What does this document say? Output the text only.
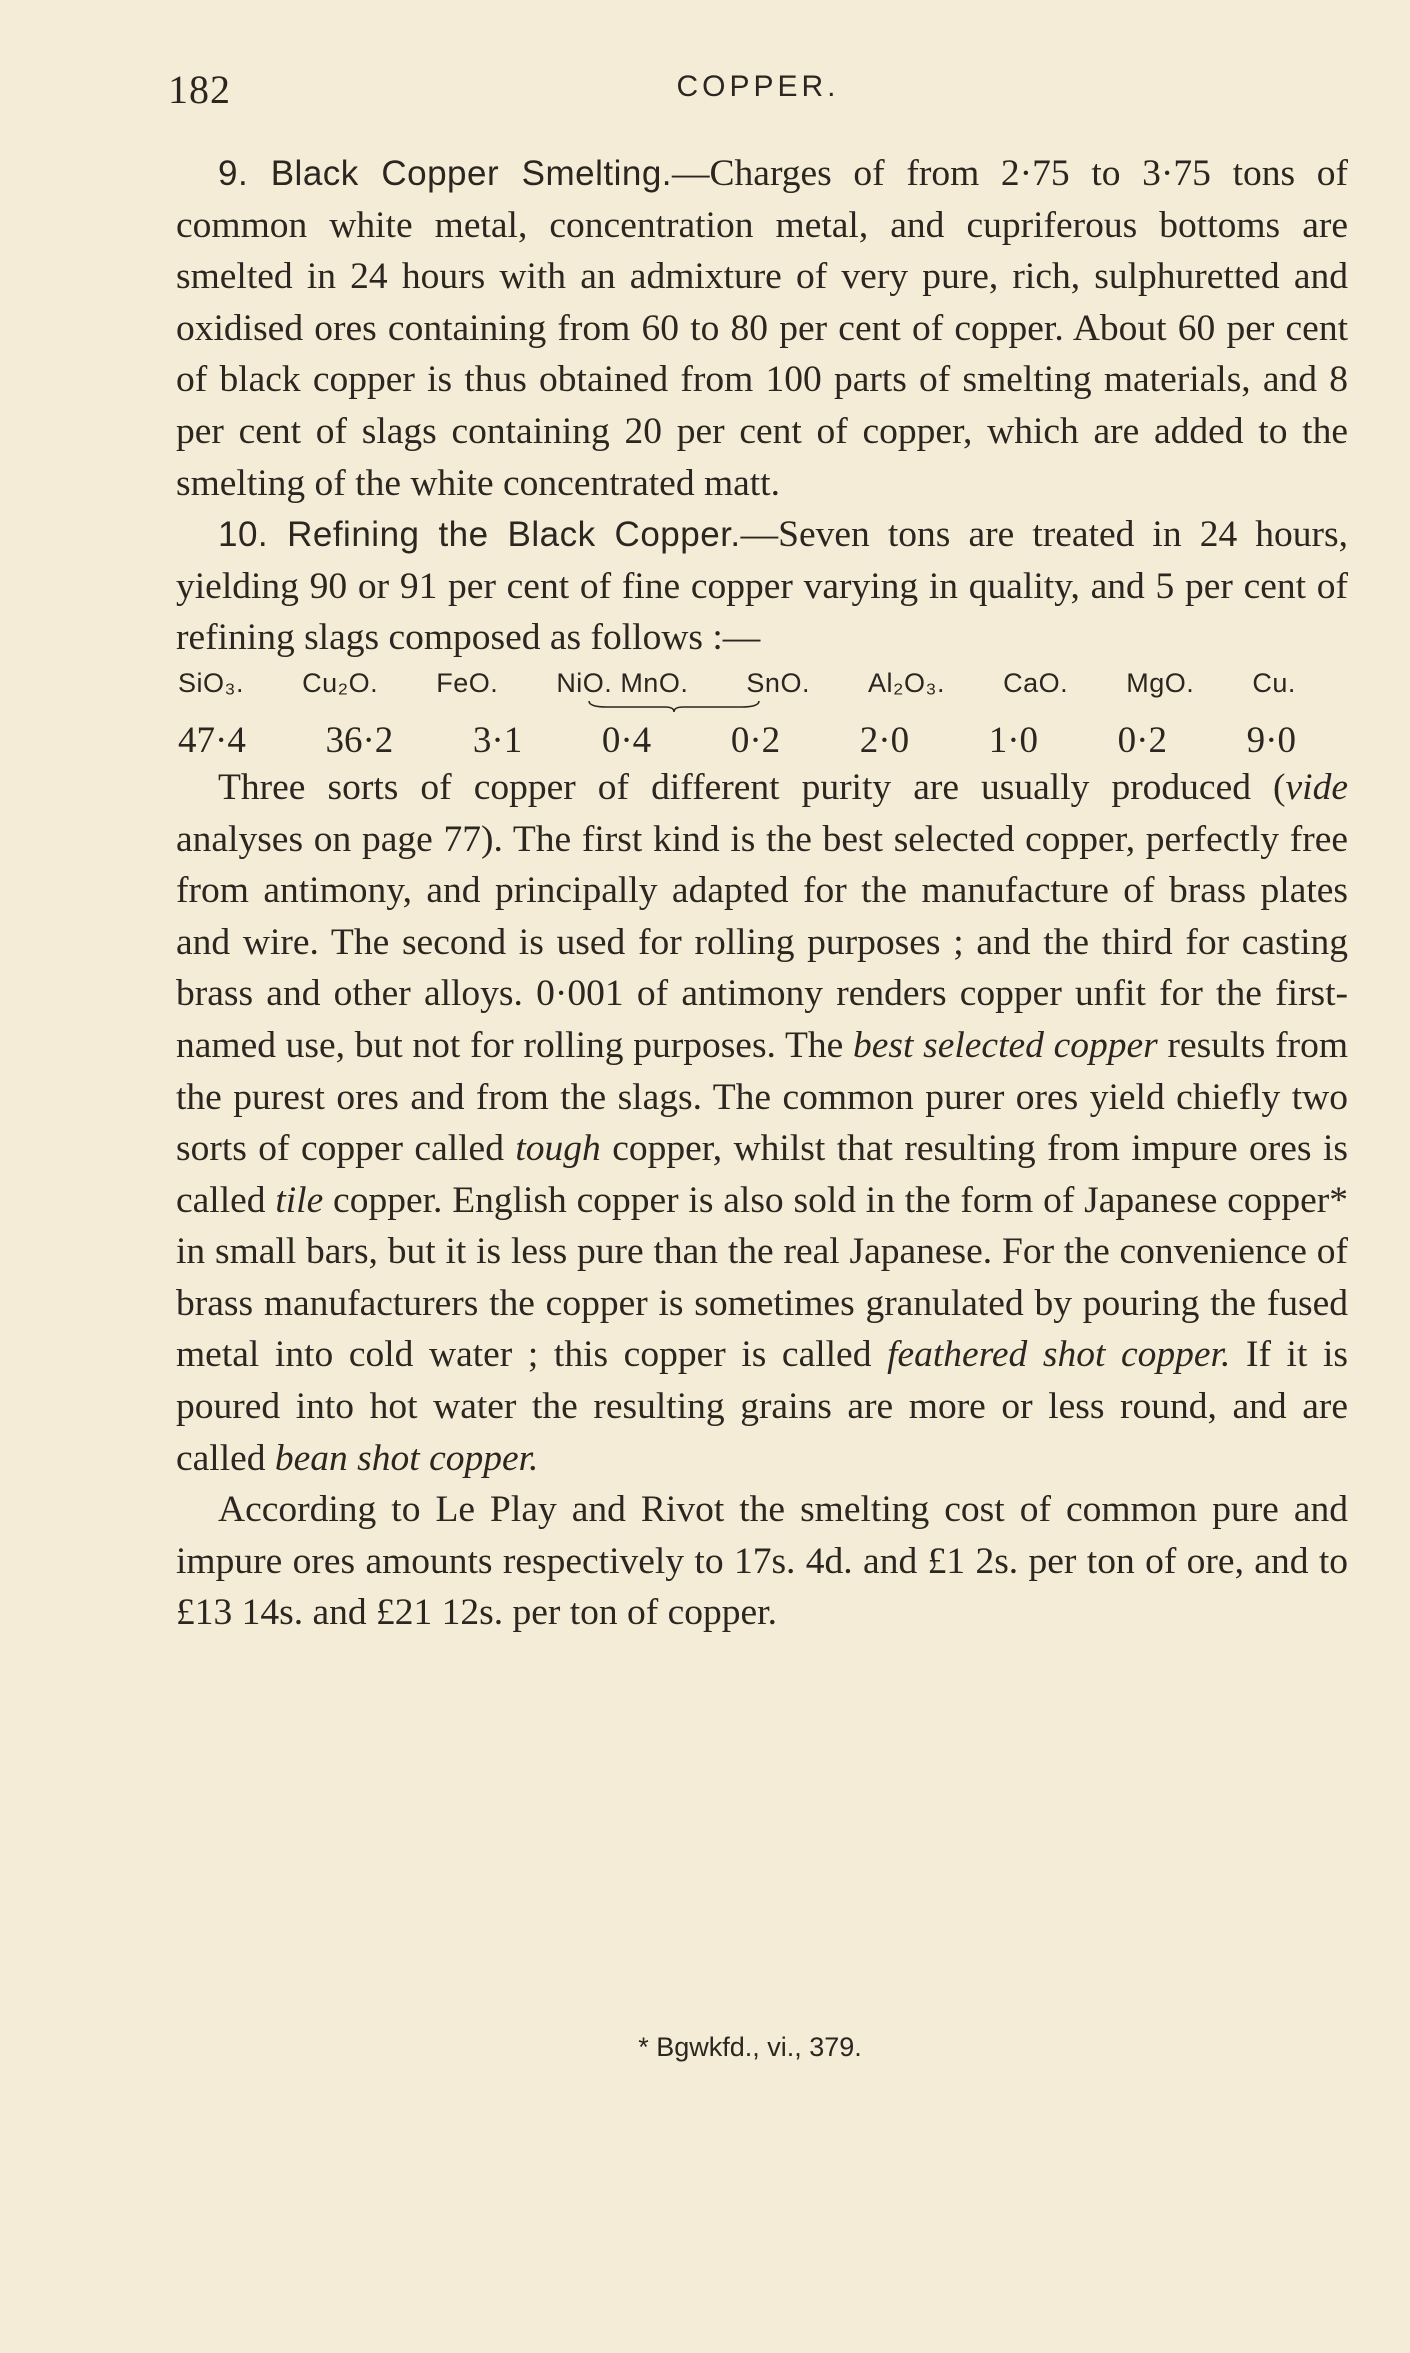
182	COPPER.

9. Black Copper Smelting.—Charges of from 2·75 to 3·75 tons of common white metal, concentration metal, and cupriferous bottoms are smelted in 24 hours with an admixture of very pure, rich, sulphuretted and oxidised ores containing from 60 to 80 per cent of copper. About 60 per cent of black copper is thus obtained from 100 parts of smelting materials, and 8 per cent of slags containing 20 per cent of copper, which are added to the smelting of the white concentrated matt.

10. Refining the Black Copper.—Seven tons are treated in 24 hours, yielding 90 or 91 per cent of fine copper varying in quality, and 5 per cent of refining slags composed as follows :—

SiO₃. Cu₂O. FeO. NiO. MnO. SnO. Al₂O₃. CaO. MgO. Cu.
47·4 36·2 3·1 0·4 0·2 2·0 1·0 0·2 9·0

Three sorts of copper of different purity are usually produced (vide analyses on page 77). The first kind is the best selected copper, perfectly free from antimony, and principally adapted for the manufacture of brass plates and wire. The second is used for rolling purposes ; and the third for casting brass and other alloys. 0·001 of antimony renders copper unfit for the first-named use, but not for rolling purposes. The best selected copper results from the purest ores and from the slags. The common purer ores yield chiefly two sorts of copper called tough copper, whilst that resulting from impure ores is called tile copper. English copper is also sold in the form of Japanese copper* in small bars, but it is less pure than the real Japanese. For the convenience of brass manufacturers the copper is sometimes granulated by pouring the fused metal into cold water ; this copper is called feathered shot copper. If it is poured into hot water the resulting grains are more or less round, and are called bean shot copper.

According to Le Play and Rivot the smelting cost of common pure and impure ores amounts respectively to 17s. 4d. and £1 2s. per ton of ore, and to £13 14s. and £21 12s. per ton of copper.

* Bgwkfd., vi., 379.
